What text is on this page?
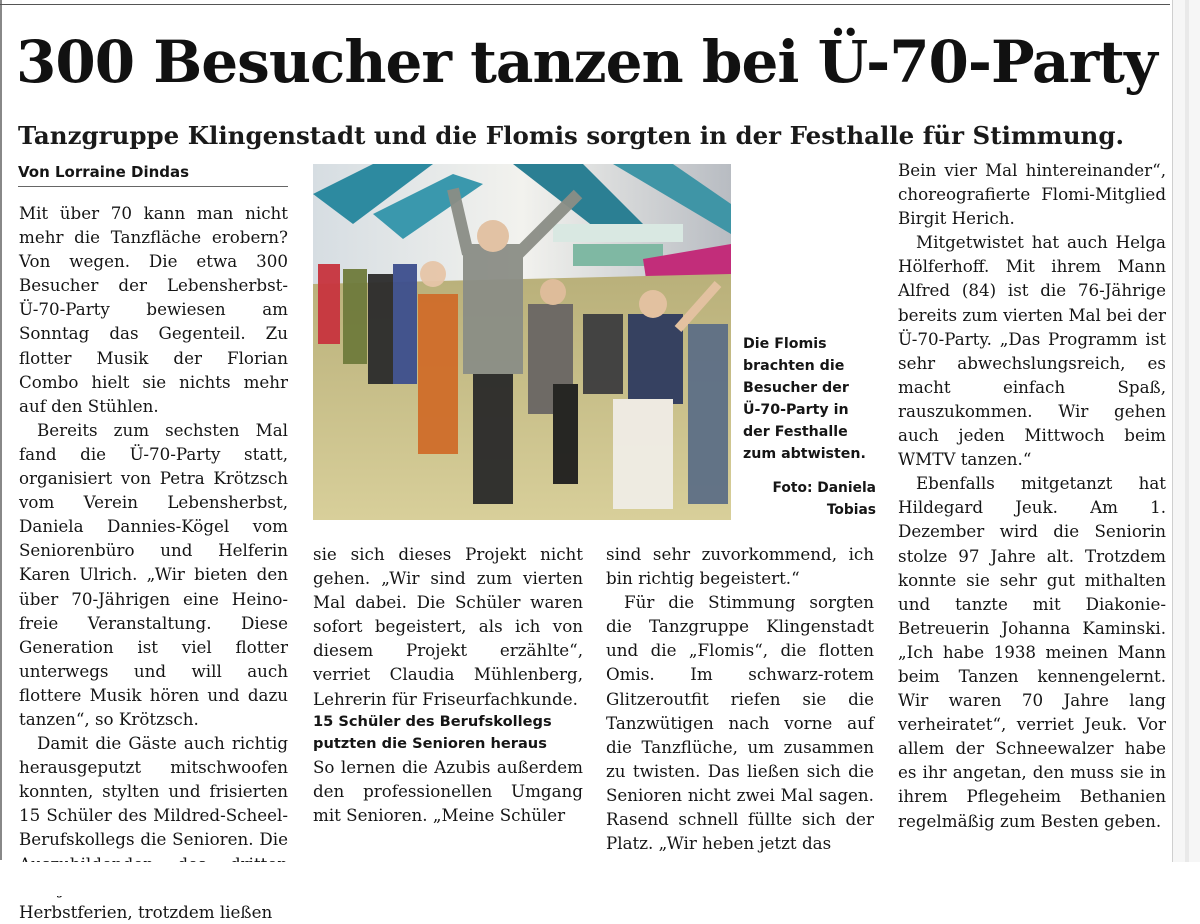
300 Besucher tanzen bei Ü-70-Party
Tanzgruppe Klingenstadt und die Flomis sorgten in der Festhalle für Stimmung.
Von Lorraine Dindas

Mit über 70 kann man nicht mehr die Tanzfläche erobern? Von wegen. Die etwa 300 Besucher der Lebensherbst-Ü-70-Party bewiesen am Sonntag das Gegenteil. Zu flotter Musik der Florian Combo hielt sie nichts mehr auf den Stühlen.

Bereits zum sechsten Mal fand die Ü-70-Party statt, organisiert von Petra Krötzsch vom Verein Lebensherbst, Daniela Dannies-Kögel vom Seniorenbüro und Helferin Karen Ulrich. „Wir bieten den über 70-Jährigen eine Heino-freie Veranstaltung. Diese Generation ist viel flotter unterwegs und will auch flottere Musik hören und dazu tanzen“, so Krötzsch.

Damit die Gäste auch richtig herausgeputzt mitschwoofen konnten, stylten und frisierten 15 Schüler des Mildred-Scheel-Berufskollegs die Senioren. Die Herbstferien, trotzdem ließen

Die Flomis brachten die Besucher der Ü-70-Party in der Festhalle zum abtwisten.
Foto: Daniela Tobias

sie sich dieses Projekt nicht gehen. „Wir sind zum vierten Mal dabei. Die Schüler waren sofort begeistert, als ich von diesem Projekt erzählte“, verriet Claudia Mühlenberg, Lehrerin für Friseurfachkunde.

15 Schüler des Berufskollegs putzten die Senioren heraus

So lernen die Azubis außerdem den professionellen Umgang mit Senioren. „Meine Schüler

sind sehr zuvorkommend, ich bin richtig begeistert.“

Für die Stimmung sorgten die Tanzgruppe Klingenstadt und die „Flomis“, die flotten Omis. Im schwarz-rotem Glitzeroutfit riefen sie die Tanzwütigen nach vorne auf die Tanzflüche, um zusammen zu twisten. Das ließen sich die Senioren nicht zwei Mal sagen. Rasend schnell füllte sich der Platz. „Wir heben jetzt das

Bein vier Mal hintereinander“, choreografierte Flomi-Mitglied Birgit Herich.

Mitgetwistet hat auch Helga Hölferhoff. Mit ihrem Mann Alfred (84) ist die 76-Jährige bereits zum vierten Mal bei der Ü-70-Party. „Das Programm ist sehr abwechslungsreich, es macht einfach Spaß, rauszukommen. Wir gehen auch jeden Mittwoch beim WMTV tanzen.“

Ebenfalls mitgetanzt hat Hildegard Jeuk. Am 1. Dezember wird die Seniorin stolze 97 Jahre alt. Trotzdem konnte sie sehr gut mithalten und tanzte mit Diakonie-Betreuerin Johanna Kaminski. „Ich habe 1938 meinen Mann beim Tanzen kennengelernt. Wir waren 70 Jahre lang verheiratet“, verriet Jeuk. Vor allem der Schneewalzer habe es ihr angetan, den muss sie in ihrem Pflegeheim Bethanien regelmäßig zum Besten geben.
